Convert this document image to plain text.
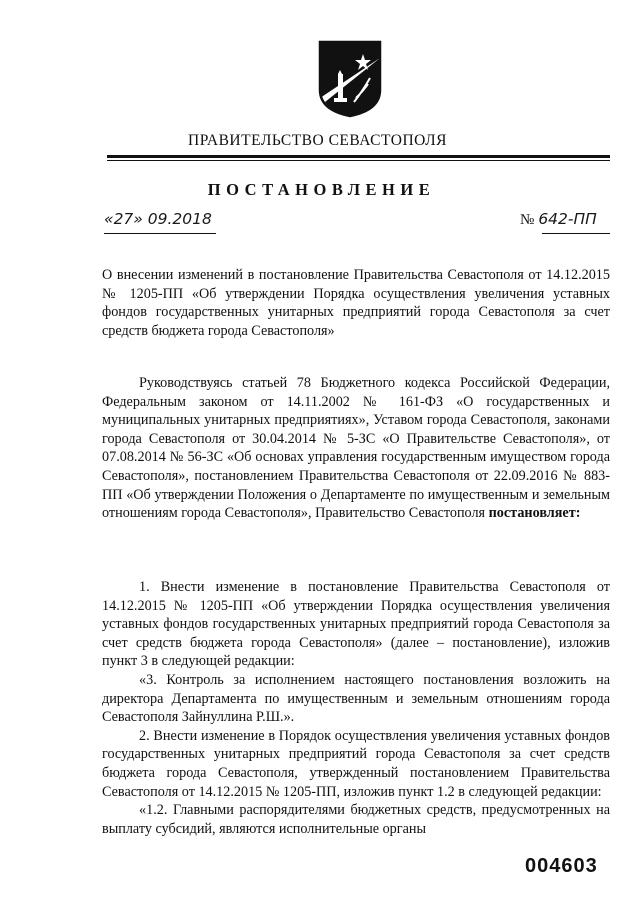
ПРАВИТЕЛЬСТВО СЕВАСТОПОЛЯ
ПОСТАНОВЛЕНИЕ
«27» 09.2018	№ 642-ПП

О внесении изменений в постановление Правительства Севастополя от 14.12.2015 № 1205-ПП «Об утверждении Порядка осуществления увеличения уставных фондов государственных унитарных предприятий города Севастополя за счет средств бюджета города Севастополя»

Руководствуясь статьей 78 Бюджетного кодекса Российской Федерации, Федеральным законом от 14.11.2002 № 161-ФЗ «О государственных и муниципальных унитарных предприятиях», Уставом города Севастополя, законами города Севастополя от 30.04.2014 № 5-ЗС «О Правительстве Севастополя», от 07.08.2014 № 56-ЗС «Об основах управления государственным имуществом города Севастополя», постановлением Правительства Севастополя от 22.09.2016 № 883-ПП «Об утверждении Положения о Департаменте по имущественным и земельным отношениям города Севастополя», Правительство Севастополя постановляет:

1. Внести изменение в постановление Правительства Севастополя от 14.12.2015 № 1205-ПП «Об утверждении Порядка осуществления увеличения уставных фондов государственных унитарных предприятий города Севастополя за счет средств бюджета города Севастополя» (далее – постановление), изложив пункт 3 в следующей редакции:

«3. Контроль за исполнением настоящего постановления возложить на директора Департамента по имущественным и земельным отношениям города Севастополя Зайнуллина Р.Ш.».

2. Внести изменение в Порядок осуществления увеличения уставных фондов государственных унитарных предприятий города Севастополя за счет средств бюджета города Севастополя, утвержденный постановлением Правительства Севастополя от 14.12.2015 № 1205-ПП, изложив пункт 1.2 в следующей редакции:

«1.2. Главными распорядителями бюджетных средств, предусмотренных на выплату субсидий, являются исполнительные органы

004603
